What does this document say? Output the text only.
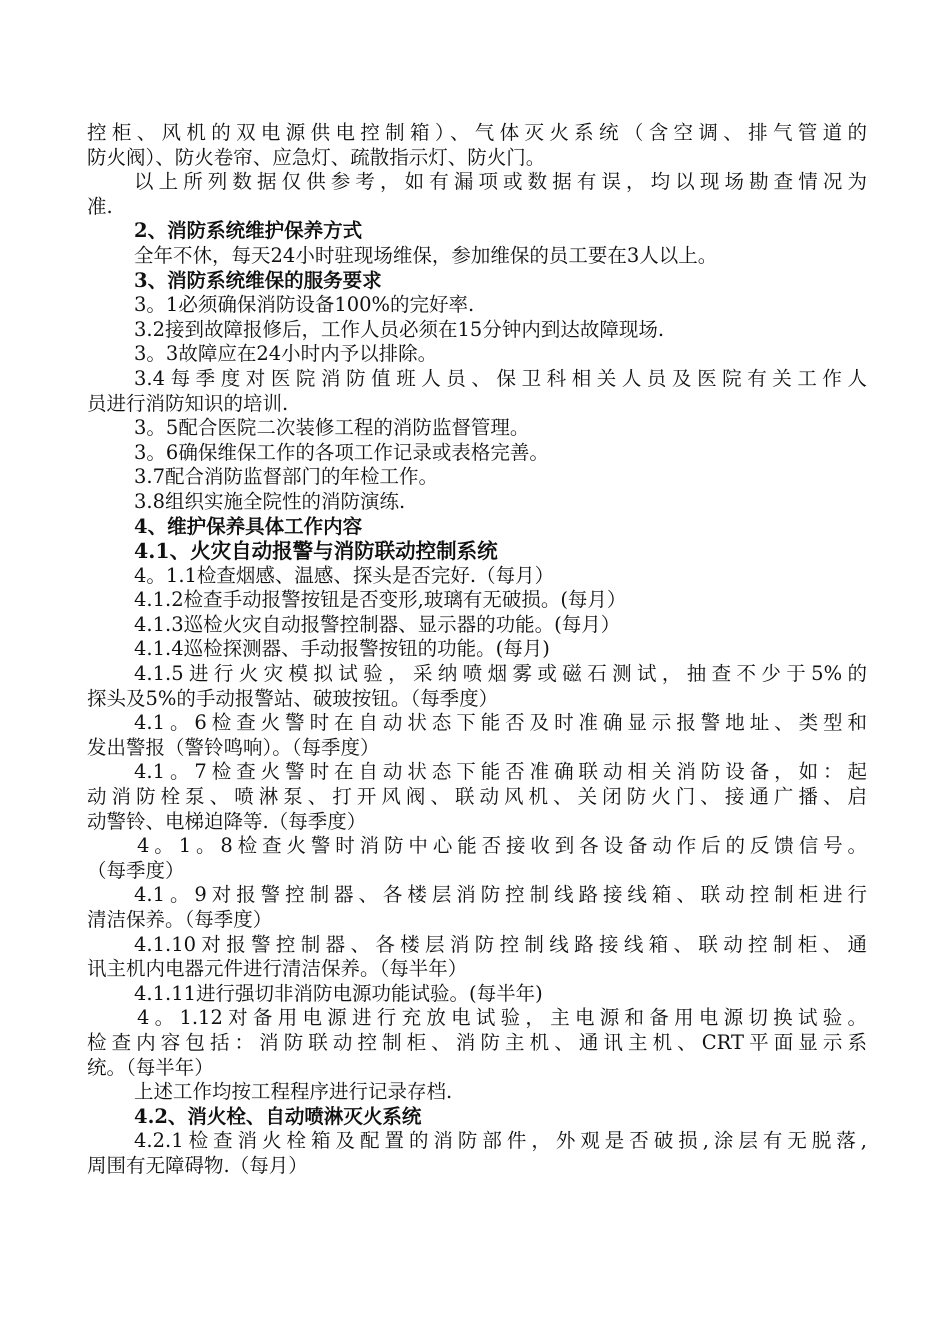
控柜、风机的双电源供电控制箱）、气体灭火系统（含空调、排气管道的
防火阀）、防火卷帘、应急灯、疏散指示灯、防火门。
以上所列数据仅供参考，如有漏项或数据有误，均以现场勘查情况为
准.
2、消防系统维护保养方式
全年不休，每天24小时驻现场维保，参加维保的员工要在3人以上。
3、消防系统维保的服务要求
3。1必须确保消防设备100%的完好率.
3.2接到故障报修后，工作人员必须在15分钟内到达故障现场.
3。3故障应在24小时内予以排除。
3.4每季度对医院消防值班人员、保卫科相关人员及医院有关工作人
员进行消防知识的培训.
3。5配合医院二次装修工程的消防监督管理。
3。6确保维保工作的各项工作记录或表格完善。
3.7配合消防监督部门的年检工作。
3.8组织实施全院性的消防演练.
4、维护保养具体工作内容
4.1、火灾自动报警与消防联动控制系统
4。1.1检查烟感、温感、探头是否完好.（每月）
4.1.2检查手动报警按钮是否变形,玻璃有无破损。(每月）
4.1.3巡检火灾自动报警控制器、显示器的功能。(每月）
4.1.4巡检探测器、手动报警按钮的功能。(每月)
4.1.5进行火灾模拟试验，采纳喷烟雾或磁石测试，抽查不少于5%的
探头及5%的手动报警站、破玻按钮。（每季度）
4.1。6检查火警时在自动状态下能否及时准确显示报警地址、类型和
发出警报（警铃鸣响）。（每季度）
4.1。7检查火警时在自动状态下能否准确联动相关消防设备，如：起
动消防栓泵、喷淋泵、打开风阀、联动风机、关闭防火门、接通广播、启
动警铃、电梯迫降等.（每季度）
4。1。8检查火警时消防中心能否接收到各设备动作后的反馈信号。
（每季度）
4.1。9对报警控制器、各楼层消防控制线路接线箱、联动控制柜进行
清洁保养。（每季度）
4.1.10对报警控制器、各楼层消防控制线路接线箱、联动控制柜、通
讯主机内电器元件进行清洁保养。（每半年）
4.1.11进行强切非消防电源功能试验。(每半年)
4。1.12对备用电源进行充放电试验，主电源和备用电源切换试验。
检查内容包括：消防联动控制柜、消防主机、通讯主机、CRT平面显示系
统。（每半年）
上述工作均按工程程序进行记录存档.
4.2、消火栓、自动喷淋灭火系统
4.2.1检查消火栓箱及配置的消防部件，外观是否破损,涂层有无脱落,
周围有无障碍物.（每月）
